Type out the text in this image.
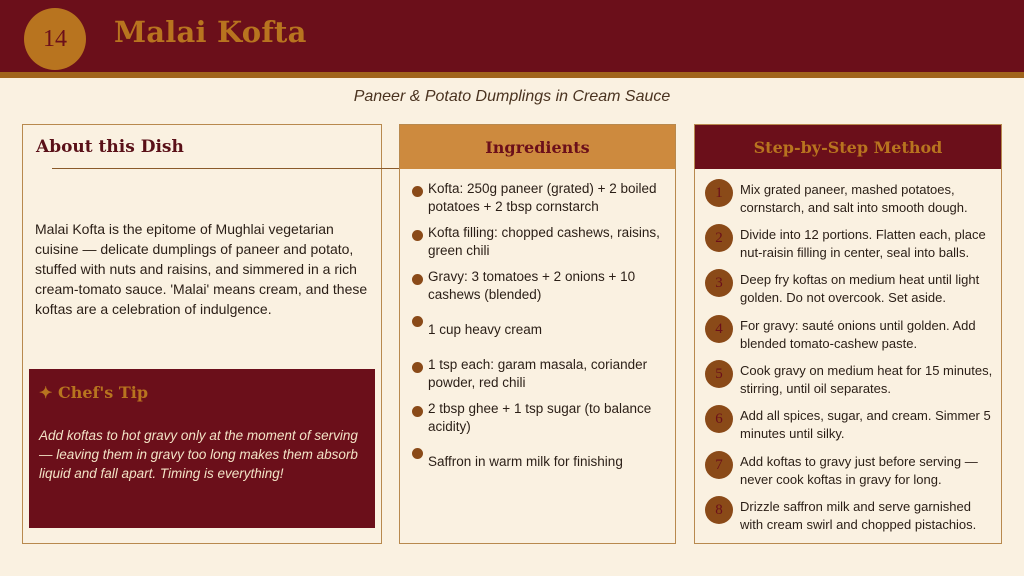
14	Malai Kofta
Paneer & Potato Dumplings in Cream Sauce
About this Dish
Malai Kofta is the epitome of Mughlai vegetarian cuisine — delicate dumplings of paneer and potato, stuffed with nuts and raisins, and simmered in a rich cream-tomato sauce. 'Malai' means cream, and these koftas are a celebration of indulgence.
✦ Chef's Tip
Add koftas to hot gravy only at the moment of serving — leaving them in gravy too long makes them absorb liquid and fall apart. Timing is everything!
Ingredients
Kofta: 250g paneer (grated) + 2 boiled potatoes + 2 tbsp cornstarch
Kofta filling: chopped cashews, raisins, green chili
Gravy: 3 tomatoes + 2 onions + 10 cashews (blended)
1 cup heavy cream
1 tsp each: garam masala, coriander powder, red chili
2 tbsp ghee + 1 tsp sugar (to balance acidity)
Saffron in warm milk for finishing
Step-by-Step Method
1	Mix grated paneer, mashed potatoes, cornstarch, and salt into smooth dough.
2	Divide into 12 portions. Flatten each, place nut-raisin filling in center, seal into balls.
3	Deep fry koftas on medium heat until light golden. Do not overcook. Set aside.
4	For gravy: sauté onions until golden. Add blended tomato-cashew paste.
5	Cook gravy on medium heat for 15 minutes, stirring, until oil separates.
6	Add all spices, sugar, and cream. Simmer 5 minutes until silky.
7	Add koftas to gravy just before serving — never cook koftas in gravy for long.
8	Drizzle saffron milk and serve garnished with cream swirl and chopped pistachios.
